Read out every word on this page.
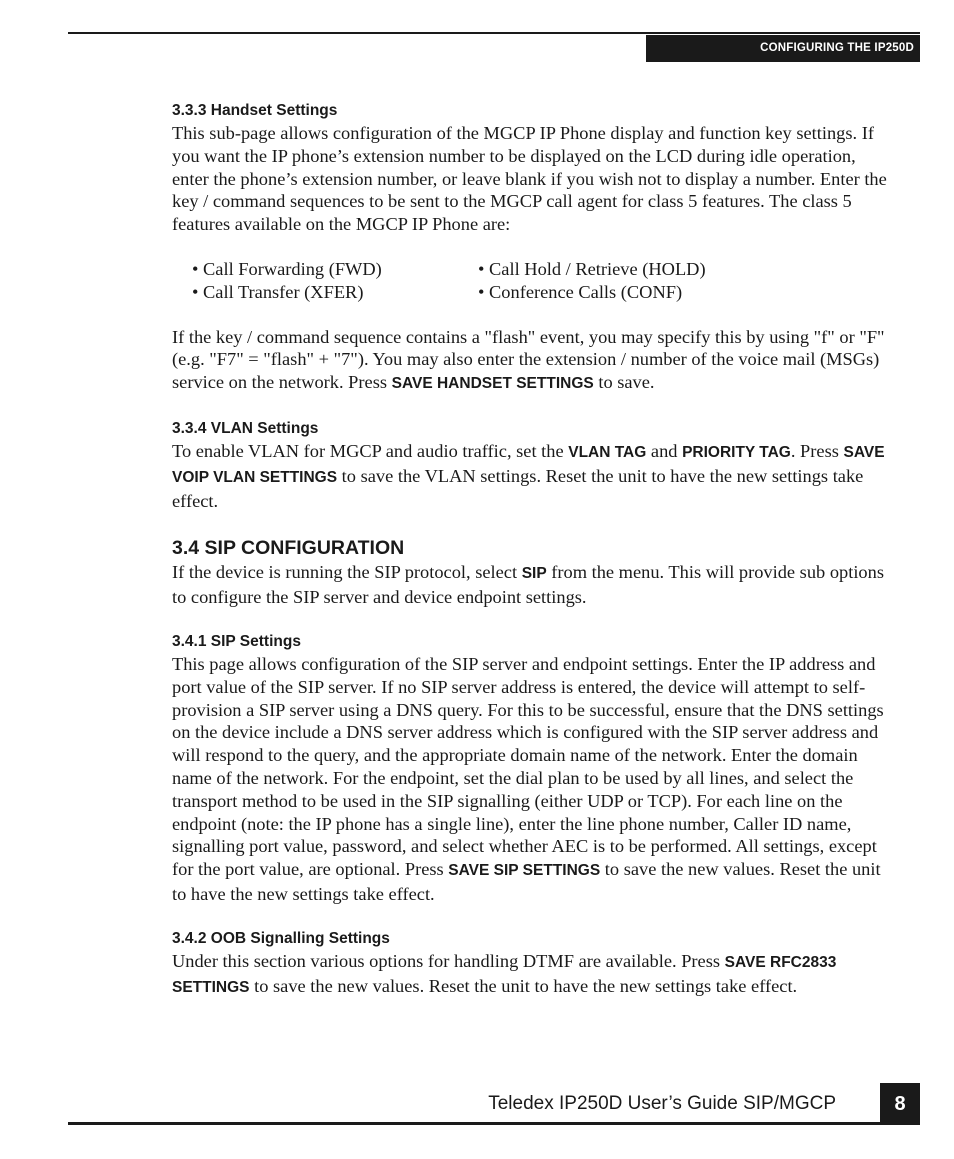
CONFIGURING THE IP250D
3.3.3 Handset Settings

This sub-page allows configuration of the MGCP IP Phone display and function key settings. If you want the IP phone’s extension number to be displayed on the LCD during idle operation, enter the phone’s extension number, or leave blank if you wish not to display a number. Enter the key / command sequences to be sent to the MGCP call agent for class 5 features. The class 5 features available on the MGCP IP Phone are:

• Call Forwarding (FWD)
• Call Transfer (XFER)
• Call Hold / Retrieve (HOLD)
• Conference Calls (CONF)

If the key / command sequence contains a "flash" event, you may specify this by using "f" or "F" (e.g. "F7" = "flash" + "7"). You may also enter the extension / number of the voice mail (MSGs) service on the network. Press SAVE HANDSET SETTINGS to save.

3.3.4 VLAN Settings

To enable VLAN for MGCP and audio traffic, set the VLAN TAG and PRIORITY TAG. Press SAVE VOIP VLAN SETTINGS to save the VLAN settings. Reset the unit to have the new settings take effect.

3.4 SIP CONFIGURATION

If the device is running the SIP protocol, select SIP from the menu. This will provide sub options to configure the SIP server and device endpoint settings.

3.4.1 SIP Settings

This page allows configuration of the SIP server and endpoint settings. Enter the IP address and port value of the SIP server. If no SIP server address is entered, the device will attempt to self-provision a SIP server using a DNS query. For this to be successful, ensure that the DNS settings on the device include a DNS server address which is configured with the SIP server address and will respond to the query, and the appropriate domain name of the network. Enter the domain name of the network. For the endpoint, set the dial plan to be used by all lines, and select the transport method to be used in the SIP signalling (either UDP or TCP). For each line on the endpoint (note: the IP phone has a single line), enter the line phone number, Caller ID name, signalling port value, password, and select whether AEC is to be performed. All settings, except for the port value, are optional. Press SAVE SIP SETTINGS to save the new values. Reset the unit to have the new settings take effect.

3.4.2 OOB Signalling Settings

Under this section various options for handling DTMF are available. Press SAVE RFC2833 SETTINGS to save the new values. Reset the unit to have the new settings take effect.

Teledex IP250D User’s Guide SIP/MGCP	8
